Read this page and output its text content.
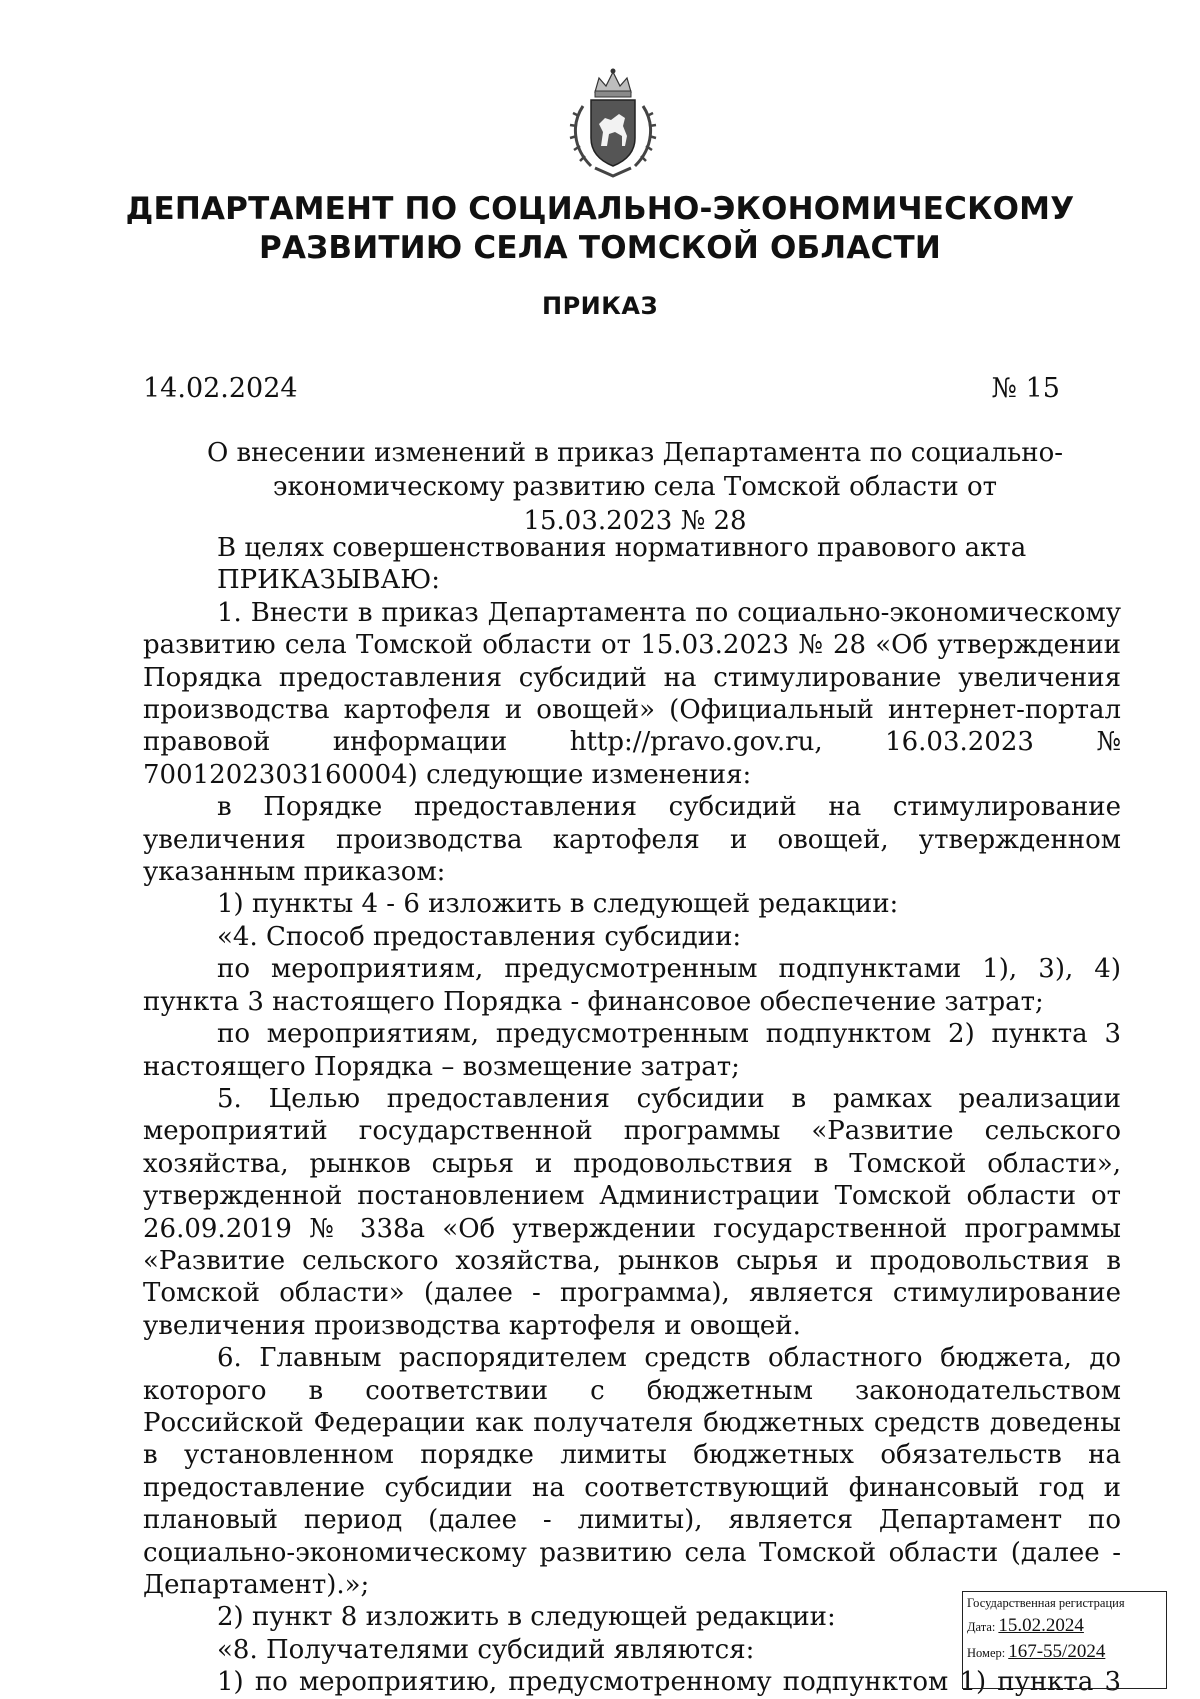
ДЕПАРТАМЕНТ ПО СОЦИАЛЬНО-ЭКОНОМИЧЕСКОМУ
РАЗВИТИЮ СЕЛА ТОМСКОЙ ОБЛАСТИ
ПРИКАЗ
14.02.2024	№ 15
О внесении изменений в приказ Департамента по социально-
экономическому развитию села Томской области от 15.03.2023 № 28

В целях совершенствования нормативного правового акта

ПРИКАЗЫВАЮ:

1. Внести в приказ Департамента по социально-экономическому развитию села Томской области от 15.03.2023 № 28 «Об утверждении Порядка предоставления субсидий на стимулирование увеличения производства картофеля и овощей» (Официальный интернет-портал правовой информации http://pravo.gov.ru, 16.03.2023 № 7001202303160004) следующие изменения:

в Порядке предоставления субсидий на стимулирование увеличения производства картофеля и овощей, утвержденном указанным приказом:

1) пункты 4 - 6 изложить в следующей редакции:

«4. Способ предоставления субсидии:

по мероприятиям, предусмотренным подпунктами 1), 3), 4) пункта 3 настоящего Порядка - финансовое обеспечение затрат;

по мероприятиям, предусмотренным подпунктом 2) пункта 3 настоящего Порядка – возмещение затрат;

5. Целью предоставления субсидии в рамках реализации мероприятий государственной программы «Развитие сельского хозяйства, рынков сырья и продовольствия в Томской области», утвержденной постановлением Администрации Томской области от 26.09.2019 № 338а «Об утверждении государственной программы «Развитие сельского хозяйства, рынков сырья и продовольствия в Томской области» (далее - программа), является стимулирование увеличения производства картофеля и овощей.

6. Главным распорядителем средств областного бюджета, до которого в соответствии с бюджетным законодательством Российской Федерации как получателя бюджетных средств доведены в установленном порядке лимиты бюджетных обязательств на предоставление субсидии на соответствующий финансовый год и плановый период (далее - лимиты), является Департамент по социально-экономическому развитию села Томской области (далее - Департамент).»;

2) пункт 8 изложить в следующей редакции:

«8. Получателями субсидий являются:

1) по мероприятию, предусмотренному подпунктом 1) пункта 3

Государственная регистрация
Дата: 15.02.2024
Номер: 167-55/2024
